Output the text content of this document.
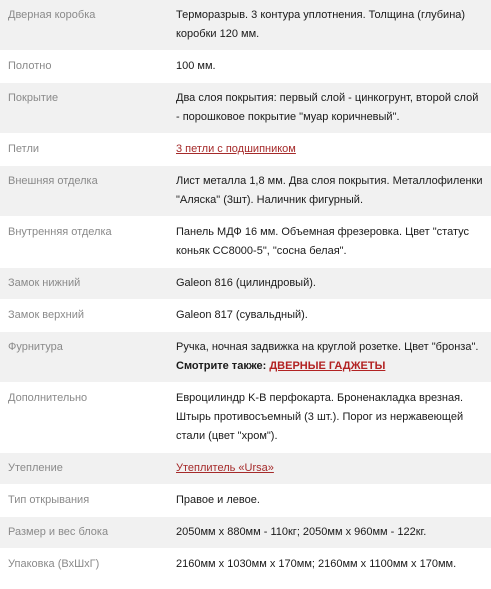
Дверная коробка	Терморазрыв. 3 контура уплотнения. Толщина (глубина) коробки 120 мм.
Полотно	100 мм.
Покрытие	Два слоя покрытия: первый слой - цинкогрунт, второй слой - порошковое покрытие "муар коричневый".
Петли	3 петли с подшипником
Внешняя отделка	Лист металла 1,8 мм. Два слоя покрытия. Металлофиленки "Аляска" (3шт). Наличник фигурный.
Внутренняя отделка	Панель МДФ 16 мм. Объемная фрезеровка. Цвет "статус коньяк СС8000-5", "сосна белая".
Замок нижний	Galeon 816 (цилиндровый).
Замок верхний	Galeon 817 (сувальдный).
Фурнитура	Ручка, ночная задвижка на круглой розетке. Цвет "бронза".
Смотрите также: ДВЕРНЫЕ ГАДЖЕТЫ
Дополнительно	Евроцилиндр K-B перфокарта. Броненакладка врезная. Штырь противосъемный (3 шт.). Порог из нержавеющей стали (цвет "хром").
Утепление	Утеплитель «Ursa»
Тип открывания	Правое и левое.
Размер и вес блока	2050мм х 880мм - 110кг; 2050мм х 960мм - 122кг.
Упаковка (ВхШхГ)	2160мм х 1030мм х 170мм; 2160мм х 1100мм х 170мм.
